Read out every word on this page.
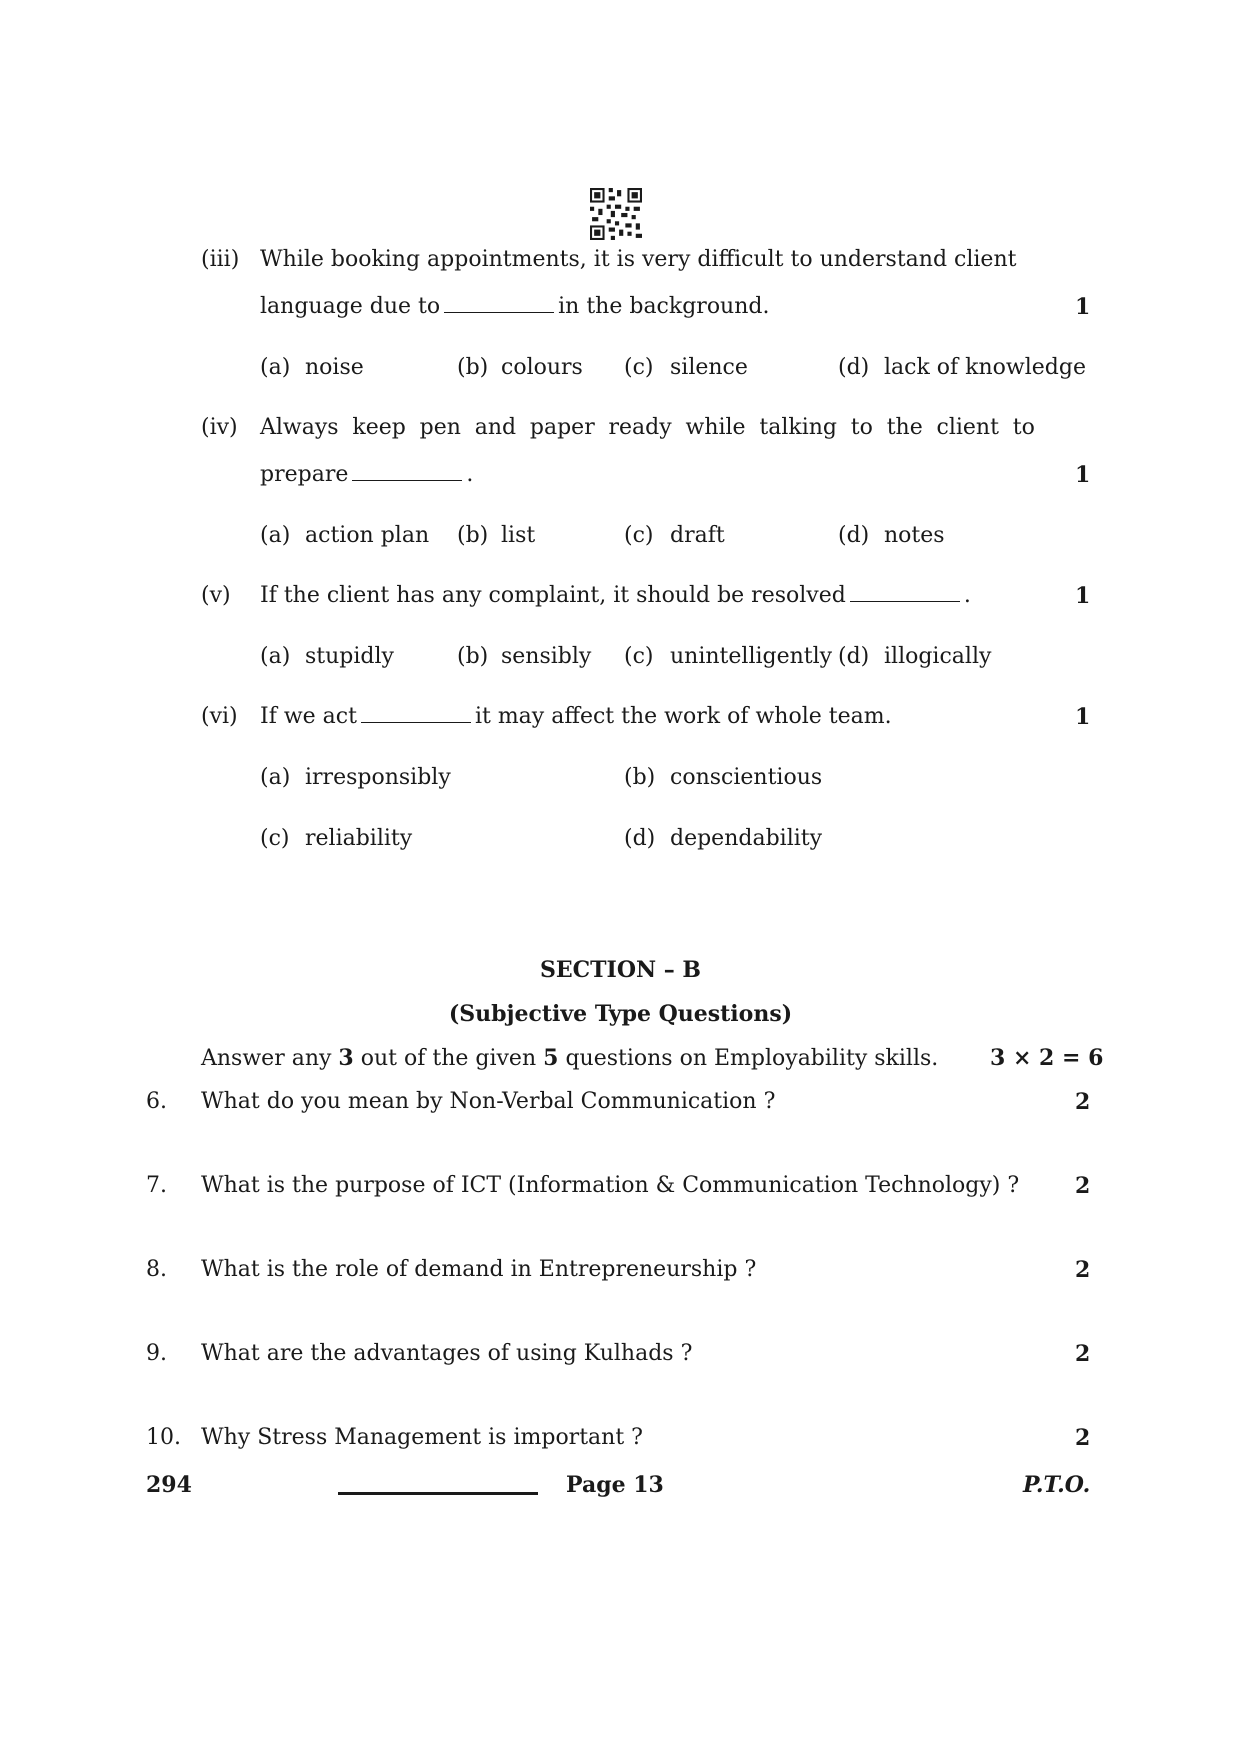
(iii) While booking appointments, it is very difficult to understand client
language due to	in the background.	1
(a) noise	(b) colours (c) silence	(d) lack of knowledge
(iv) Always keep pen and paper ready while talking to the client to
prepare	.	1
(a) action plan (b) list	(c) draft	(d) notes
(v) If the client has any complaint, it should be resolved	.	1
(a) stupidly	(b) sensibly (c) unintelligently (d) illogically
(vi) If we act	it may affect the work of whole team.	1
(a) irresponsibly	(b) conscientious
(c) reliability	(d) dependability
SECTION – B
(Subjective Type Questions)
Answer any 3 out of the given 5 questions on Employability skills. 3 × 2 = 6
6. What do you mean by Non-Verbal Communication ?	2
7. What is the purpose of ICT (Information & Communication Technology) ?	2
8. What is the role of demand in Entrepreneurship ?	2
9. What are the advantages of using Kulhads ?	2
10. Why Stress Management is important ?	2
294	Page 13	P.T.O.
